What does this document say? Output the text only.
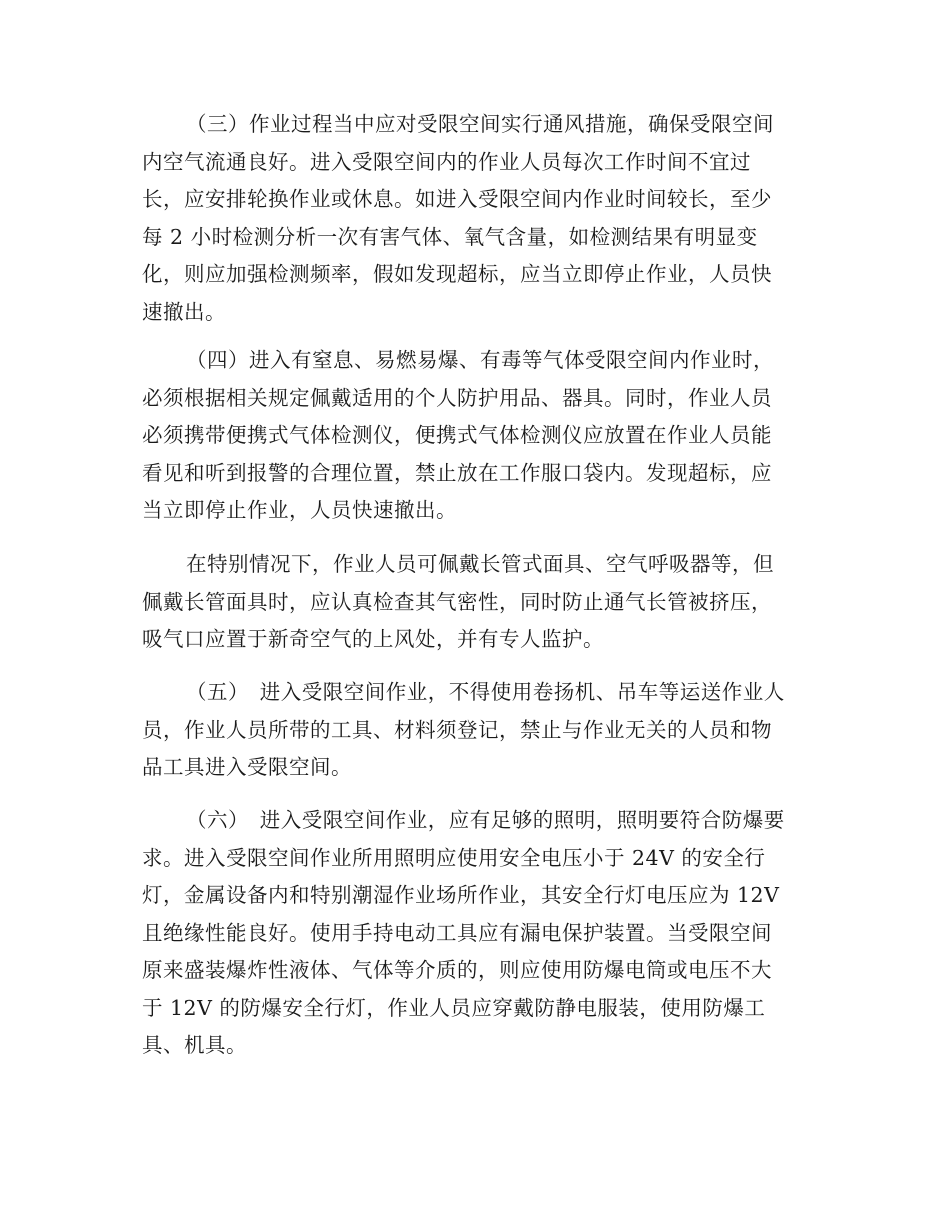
（三）作业过程当中应对受限空间实行通风措施，确保受限空间
内空气流通良好。进入受限空间内的作业人员每次工作时间不宜过
长，应安排轮换作业或休息。如进入受限空间内作业时间较长，至少
每 2 小时检测分析一次有害气体、氧气含量，如检测结果有明显变
化，则应加强检测频率，假如发现超标，应当立即停止作业，人员快
速撤出。
（四）进入有窒息、易燃易爆、有毒等气体受限空间内作业时，
必须根据相关规定佩戴适用的个人防护用品、器具。同时，作业人员
必须携带便携式气体检测仪，便携式气体检测仪应放置在作业人员能
看见和听到报警的合理位置，禁止放在工作服口袋内。发现超标，应
当立即停止作业，人员快速撤出。
在特别情况下，作业人员可佩戴长管式面具、空气呼吸器等，但
佩戴长管面具时，应认真检查其气密性，同时防止通气长管被挤压，
吸气口应置于新奇空气的上风处，并有专人监护。
（五）　进入受限空间作业，不得使用卷扬机、吊车等运送作业人
员，作业人员所带的工具、材料须登记，禁止与作业无关的人员和物
品工具进入受限空间。
（六）　进入受限空间作业，应有足够的照明，照明要符合防爆要
求。进入受限空间作业所用照明应使用安全电压小于 24V 的安全行
灯，金属设备内和特别潮湿作业场所作业，其安全行灯电压应为 12V
且绝缘性能良好。使用手持电动工具应有漏电保护装置。当受限空间
原来盛装爆炸性液体、气体等介质的，则应使用防爆电筒或电压不大
于 12V 的防爆安全行灯，作业人员应穿戴防静电服装，使用防爆工
具、机具。
